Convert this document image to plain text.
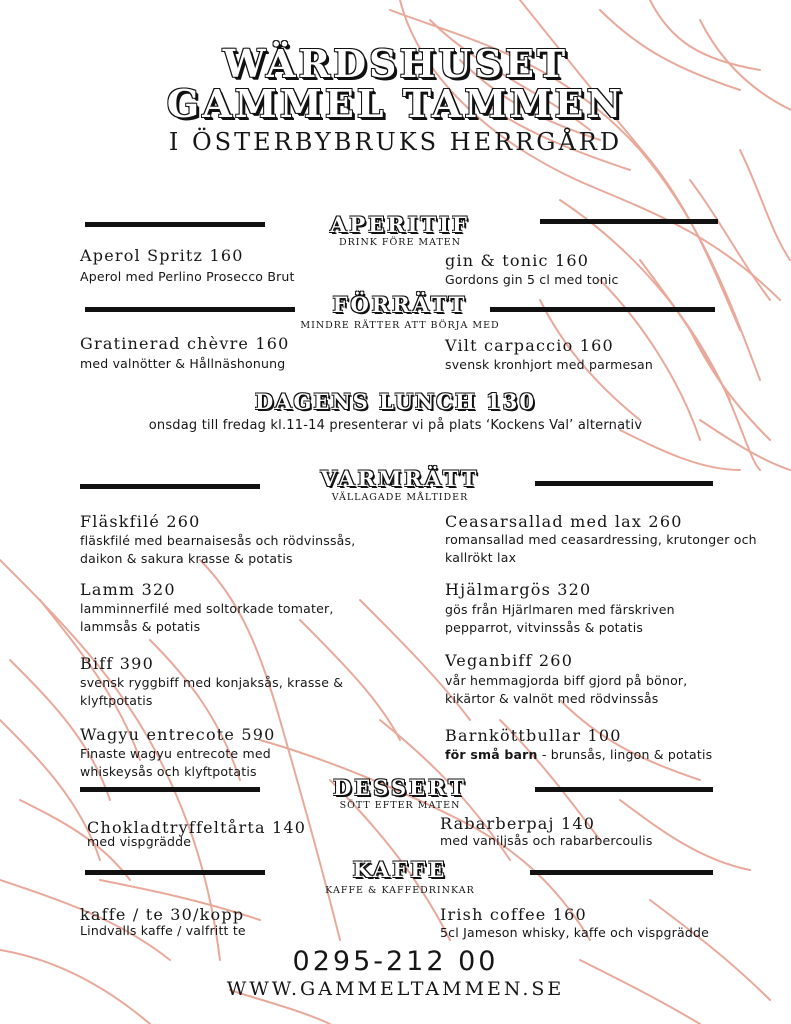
WÄRDSHUSET
GAMMEL TAMMEN
I ÖSTERBYBRUKS HERRGÅRD
APERITIF
DRINK FÖRE MATEN
Aperol Spritz 160
Aperol med Perlino Prosecco Brut
gin & tonic 160
Gordons gin 5 cl med tonic
FÖRRÄTT
MINDRE RÄTTER ATT BÖRJA MED
Gratinerad chèvre 160
med valnötter & Hållnäshonung
Vilt carpaccio 160
svensk kronhjort med parmesan
DAGENS LUNCH 130
onsdag till fredag kl.11-14 presenterar vi på plats ‘Kockens Val’ alternativ
VARMRÄTT
VÄLLAGADE MÅLTIDER
Fläskfilé 260
fläskfilé med bearnaisesås och rödvinssås, daikon & sakura krasse & potatis
Ceasarsallad med lax 260
romansallad med ceasardressing, krutonger och kallrökt lax
Lamm 320
lamminnerfilé med soltorkade tomater, lammsås & potatis
Hjälmargös 320
gös från Hjärlmaren med färskriven pepparrot, vitvinssås & potatis
Biff 390
svensk ryggbiff med konjaksås, krasse & klyftpotatis
Veganbiff 260
vår hemmagjorda biff gjord på bönor, kikärtor & valnöt med rödvinssås
Wagyu entrecote 590
Finaste wagyu entrecote med whiskeysås och klyftpotatis
Barnköttbullar 100
för små barn - brunsås, lingon & potatis
DESSERT
SÖTT EFTER MATEN
Chokladtryffeltårta 140
med vispgrädde
Rabarberpaj 140
med vaniljsås och rabarbercoulis
KAFFE
KAFFE & KAFFEDRINKAR
kaffe / te 30/kopp
Lindvalls kaffe / valfritt te
Irish coffee 160
5cl Jameson whisky, kaffe och vispgrädde
0295-212 00
WWW.GAMMELTAMMEN.SE
